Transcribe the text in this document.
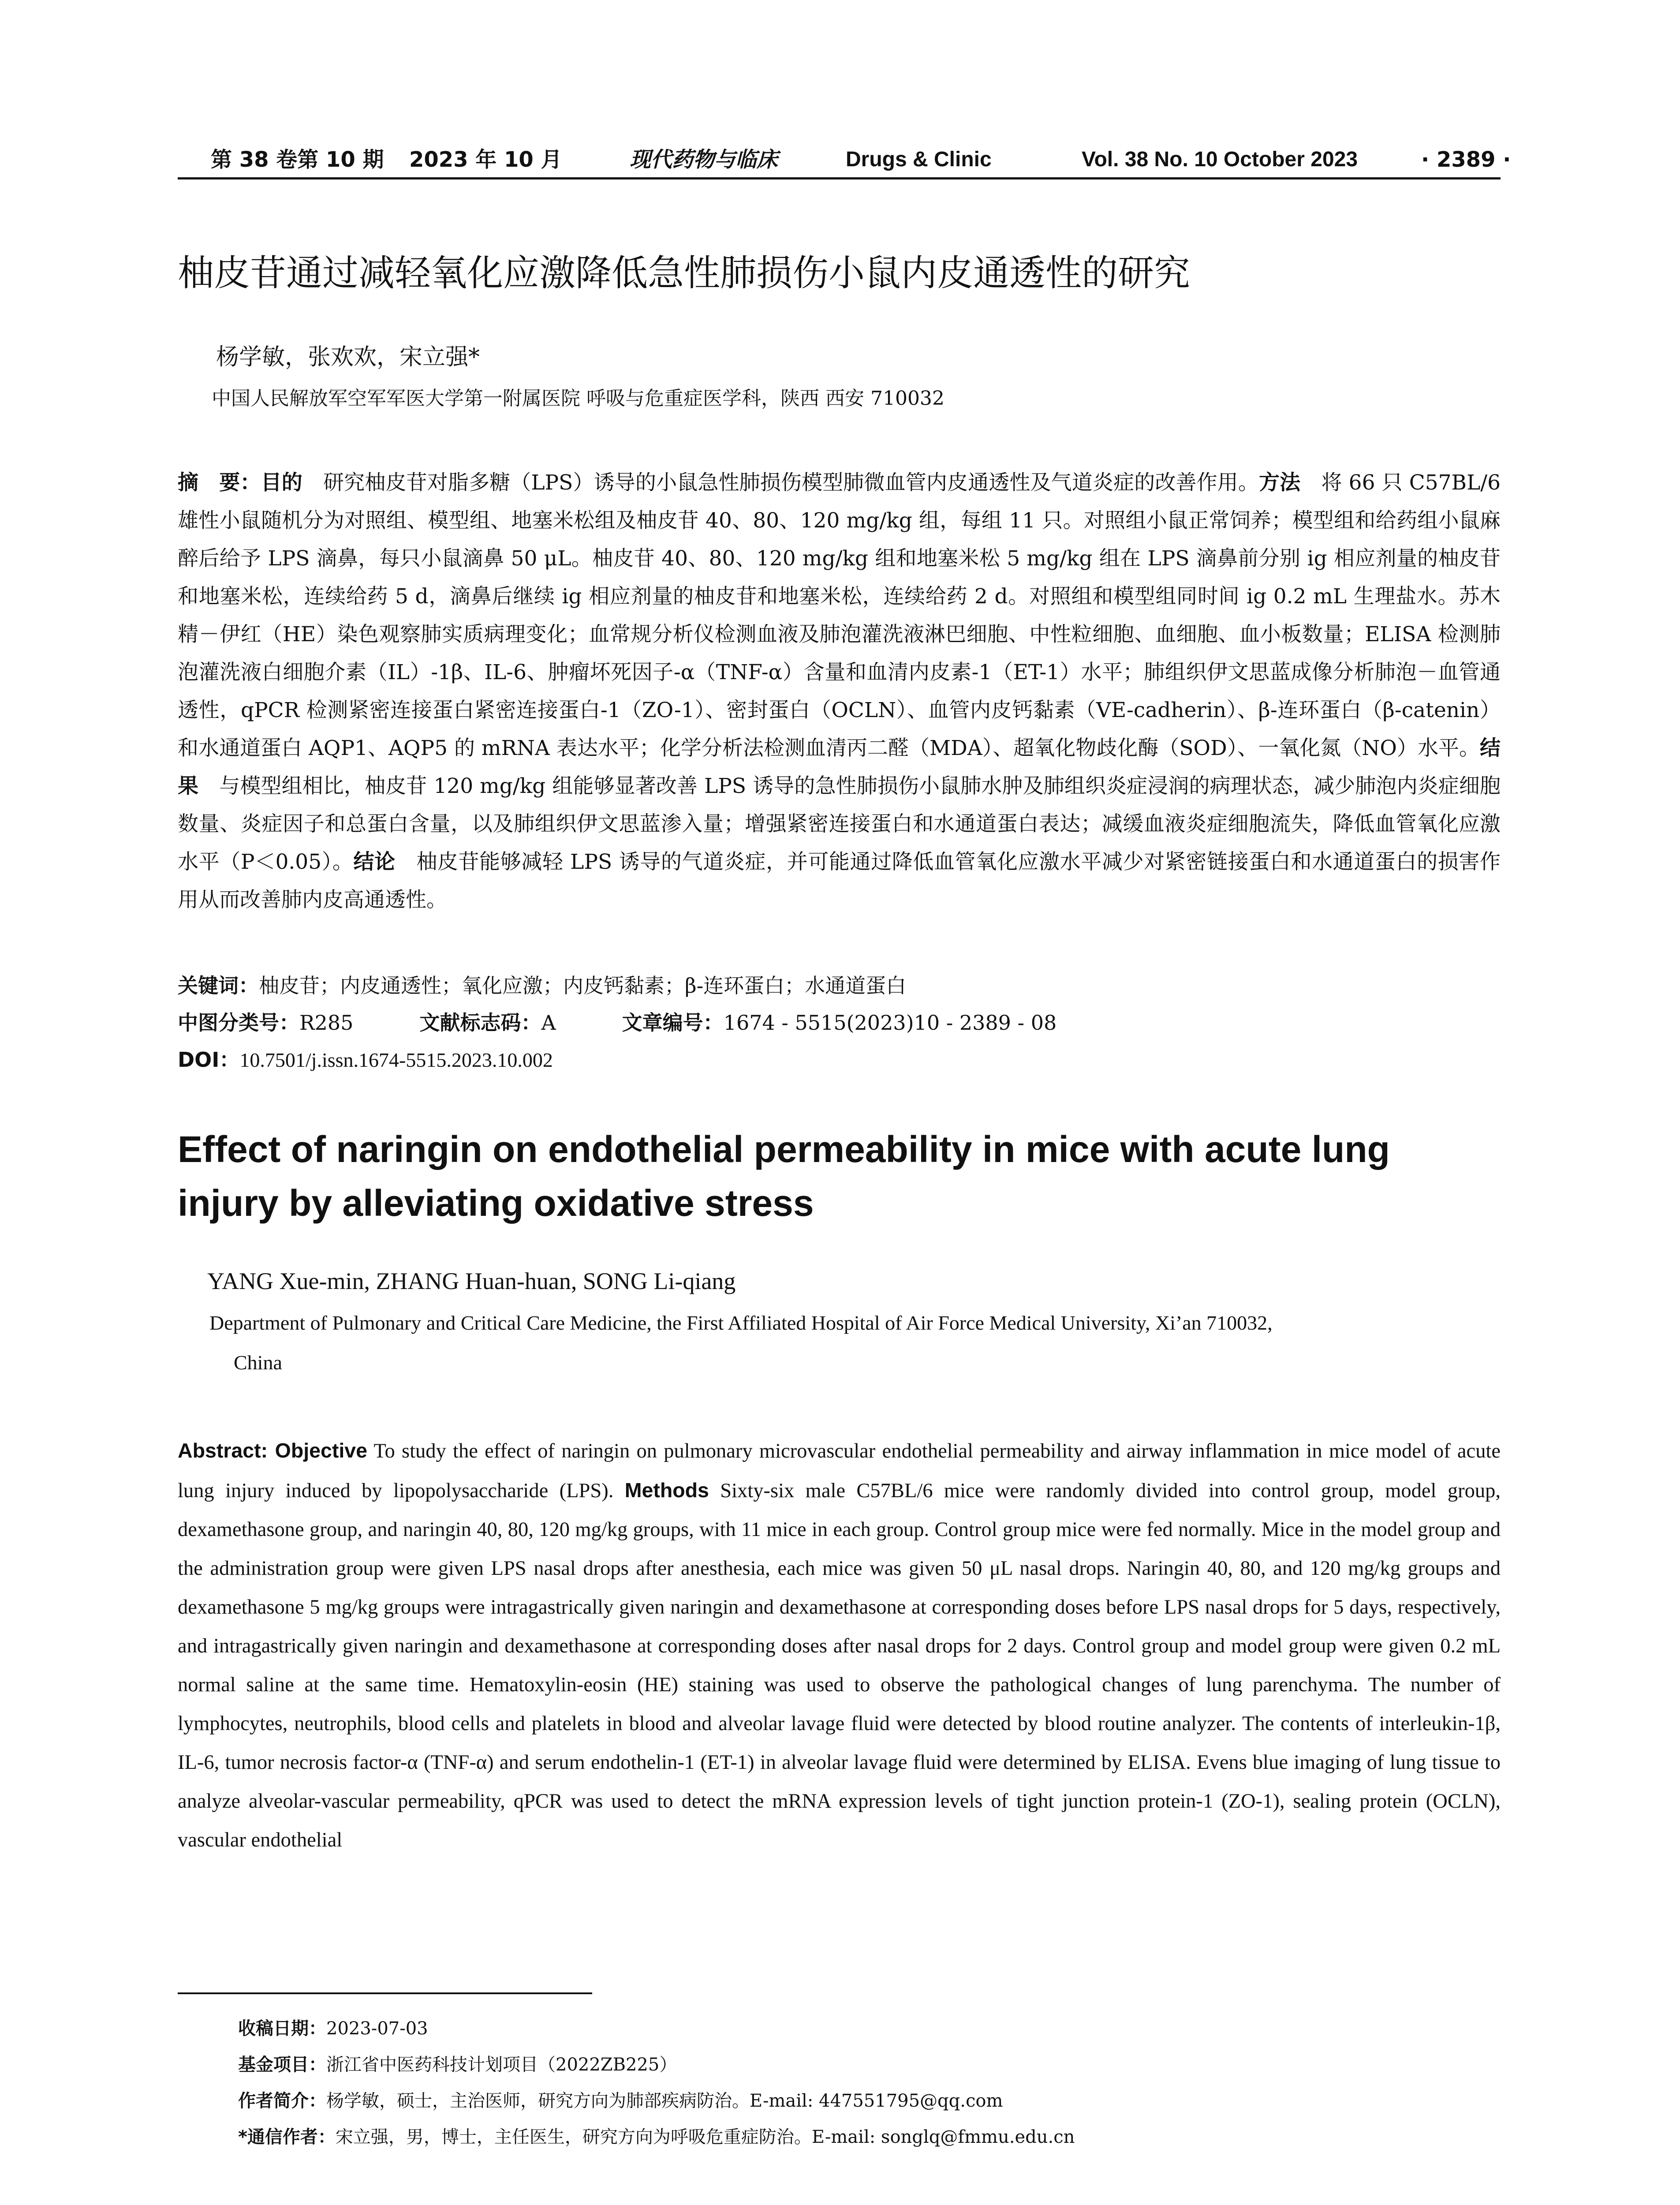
第 38 卷第 10 期 2023 年 10 月	现代药物与临床	Drugs & Clinic	Vol. 38 No. 10 October 2023	· 2389 ·
柚皮苷通过减轻氧化应激降低急性肺损伤小鼠内皮通透性的研究
杨学敏，张欢欢，宋立强*
中国人民解放军空军军医大学第一附属医院 呼吸与危重症医学科，陕西 西安 710032
摘　要：目的　研究柚皮苷对脂多糖（LPS）诱导的小鼠急性肺损伤模型肺微血管内皮通透性及气道炎症的改善作用。方法　将 66 只 C57BL/6 雄性小鼠随机分为对照组、模型组、地塞米松组及柚皮苷 40、80、120 mg/kg 组，每组 11 只。对照组小鼠正常饲养；模型组和给药组小鼠麻醉后给予 LPS 滴鼻，每只小鼠滴鼻 50 μL。柚皮苷 40、80、120 mg/kg 组和地塞米松 5 mg/kg 组在 LPS 滴鼻前分别 ig 相应剂量的柚皮苷和地塞米松，连续给药 5 d，滴鼻后继续 ig 相应剂量的柚皮苷和地塞米松，连续给药 2 d。对照组和模型组同时间 ig 0.2 mL 生理盐水。苏木精－伊红（HE）染色观察肺实质病理变化；血常规分析仪检测血液及肺泡灌洗液淋巴细胞、中性粒细胞、血细胞、血小板数量；ELISA 检测肺泡灌洗液白细胞介素（IL）-1β、IL-6、肿瘤坏死因子-α（TNF-α）含量和血清内皮素-1（ET-1）水平；肺组织伊文思蓝成像分析肺泡－血管通透性，qPCR 检测紧密连接蛋白紧密连接蛋白-1（ZO-1）、密封蛋白（OCLN）、血管内皮钙黏素（VE-cadherin）、β-连环蛋白（β-catenin）和水通道蛋白 AQP1、AQP5 的 mRNA 表达水平；化学分析法检测血清丙二醛（MDA）、超氧化物歧化酶（SOD）、一氧化氮（NO）水平。结果　与模型组相比，柚皮苷 120 mg/kg 组能够显著改善 LPS 诱导的急性肺损伤小鼠肺水肿及肺组织炎症浸润的病理状态，减少肺泡内炎症细胞数量、炎症因子和总蛋白含量，以及肺组织伊文思蓝渗入量；增强紧密连接蛋白和水通道蛋白表达；减缓血液炎症细胞流失，降低血管氧化应激水平（P＜0.05）。结论　柚皮苷能够减轻 LPS 诱导的气道炎症，并可能通过降低血管氧化应激水平减少对紧密链接蛋白和水通道蛋白的损害作用从而改善肺内皮高通透性。
关键词：柚皮苷；内皮通透性；氧化应激；内皮钙黏素；β-连环蛋白；水通道蛋白
中图分类号：R285	文献标志码：A	文章编号：1674 - 5515(2023)10 - 2389 - 08
DOI：10.7501/j.issn.1674-5515.2023.10.002
Effect of naringin on endothelial permeability in mice with acute lung injury by alleviating oxidative stress
YANG Xue-min, ZHANG Huan-huan, SONG Li-qiang
Department of Pulmonary and Critical Care Medicine, the First Affiliated Hospital of Air Force Medical University, Xi’an 710032,
China
Abstract: Objective To study the effect of naringin on pulmonary microvascular endothelial permeability and airway inflammation in mice model of acute lung injury induced by lipopolysaccharide (LPS). Methods Sixty-six male C57BL/6 mice were randomly divided into control group, model group, dexamethasone group, and naringin 40, 80, 120 mg/kg groups, with 11 mice in each group. Control group mice were fed normally. Mice in the model group and the administration group were given LPS nasal drops after anesthesia, each mice was given 50 μL nasal drops. Naringin 40, 80, and 120 mg/kg groups and dexamethasone 5 mg/kg groups were intragastrically given naringin and dexamethasone at corresponding doses before LPS nasal drops for 5 days, respectively, and intragastrically given naringin and dexamethasone at corresponding doses after nasal drops for 2 days. Control group and model group were given 0.2 mL normal saline at the same time. Hematoxylin-eosin (HE) staining was used to observe the pathological changes of lung parenchyma. The number of lymphocytes, neutrophils, blood cells and platelets in blood and alveolar lavage fluid were detected by blood routine analyzer. The contents of interleukin-1β, IL-6, tumor necrosis factor-α (TNF-α) and serum endothelin-1 (ET-1) in alveolar lavage fluid were determined by ELISA. Evens blue imaging of lung tissue to analyze alveolar-vascular permeability, qPCR was used to detect the mRNA expression levels of tight junction protein-1 (ZO-1), sealing protein (OCLN), vascular endothelial
收稿日期：2023-07-03
基金项目：浙江省中医药科技计划项目（2022ZB225）
作者简介：杨学敏，硕士，主治医师，研究方向为肺部疾病防治。E-mail: 447551795@qq.com
*通信作者：宋立强，男，博士，主任医生，研究方向为呼吸危重症防治。E-mail: songlq@fmmu.edu.cn
